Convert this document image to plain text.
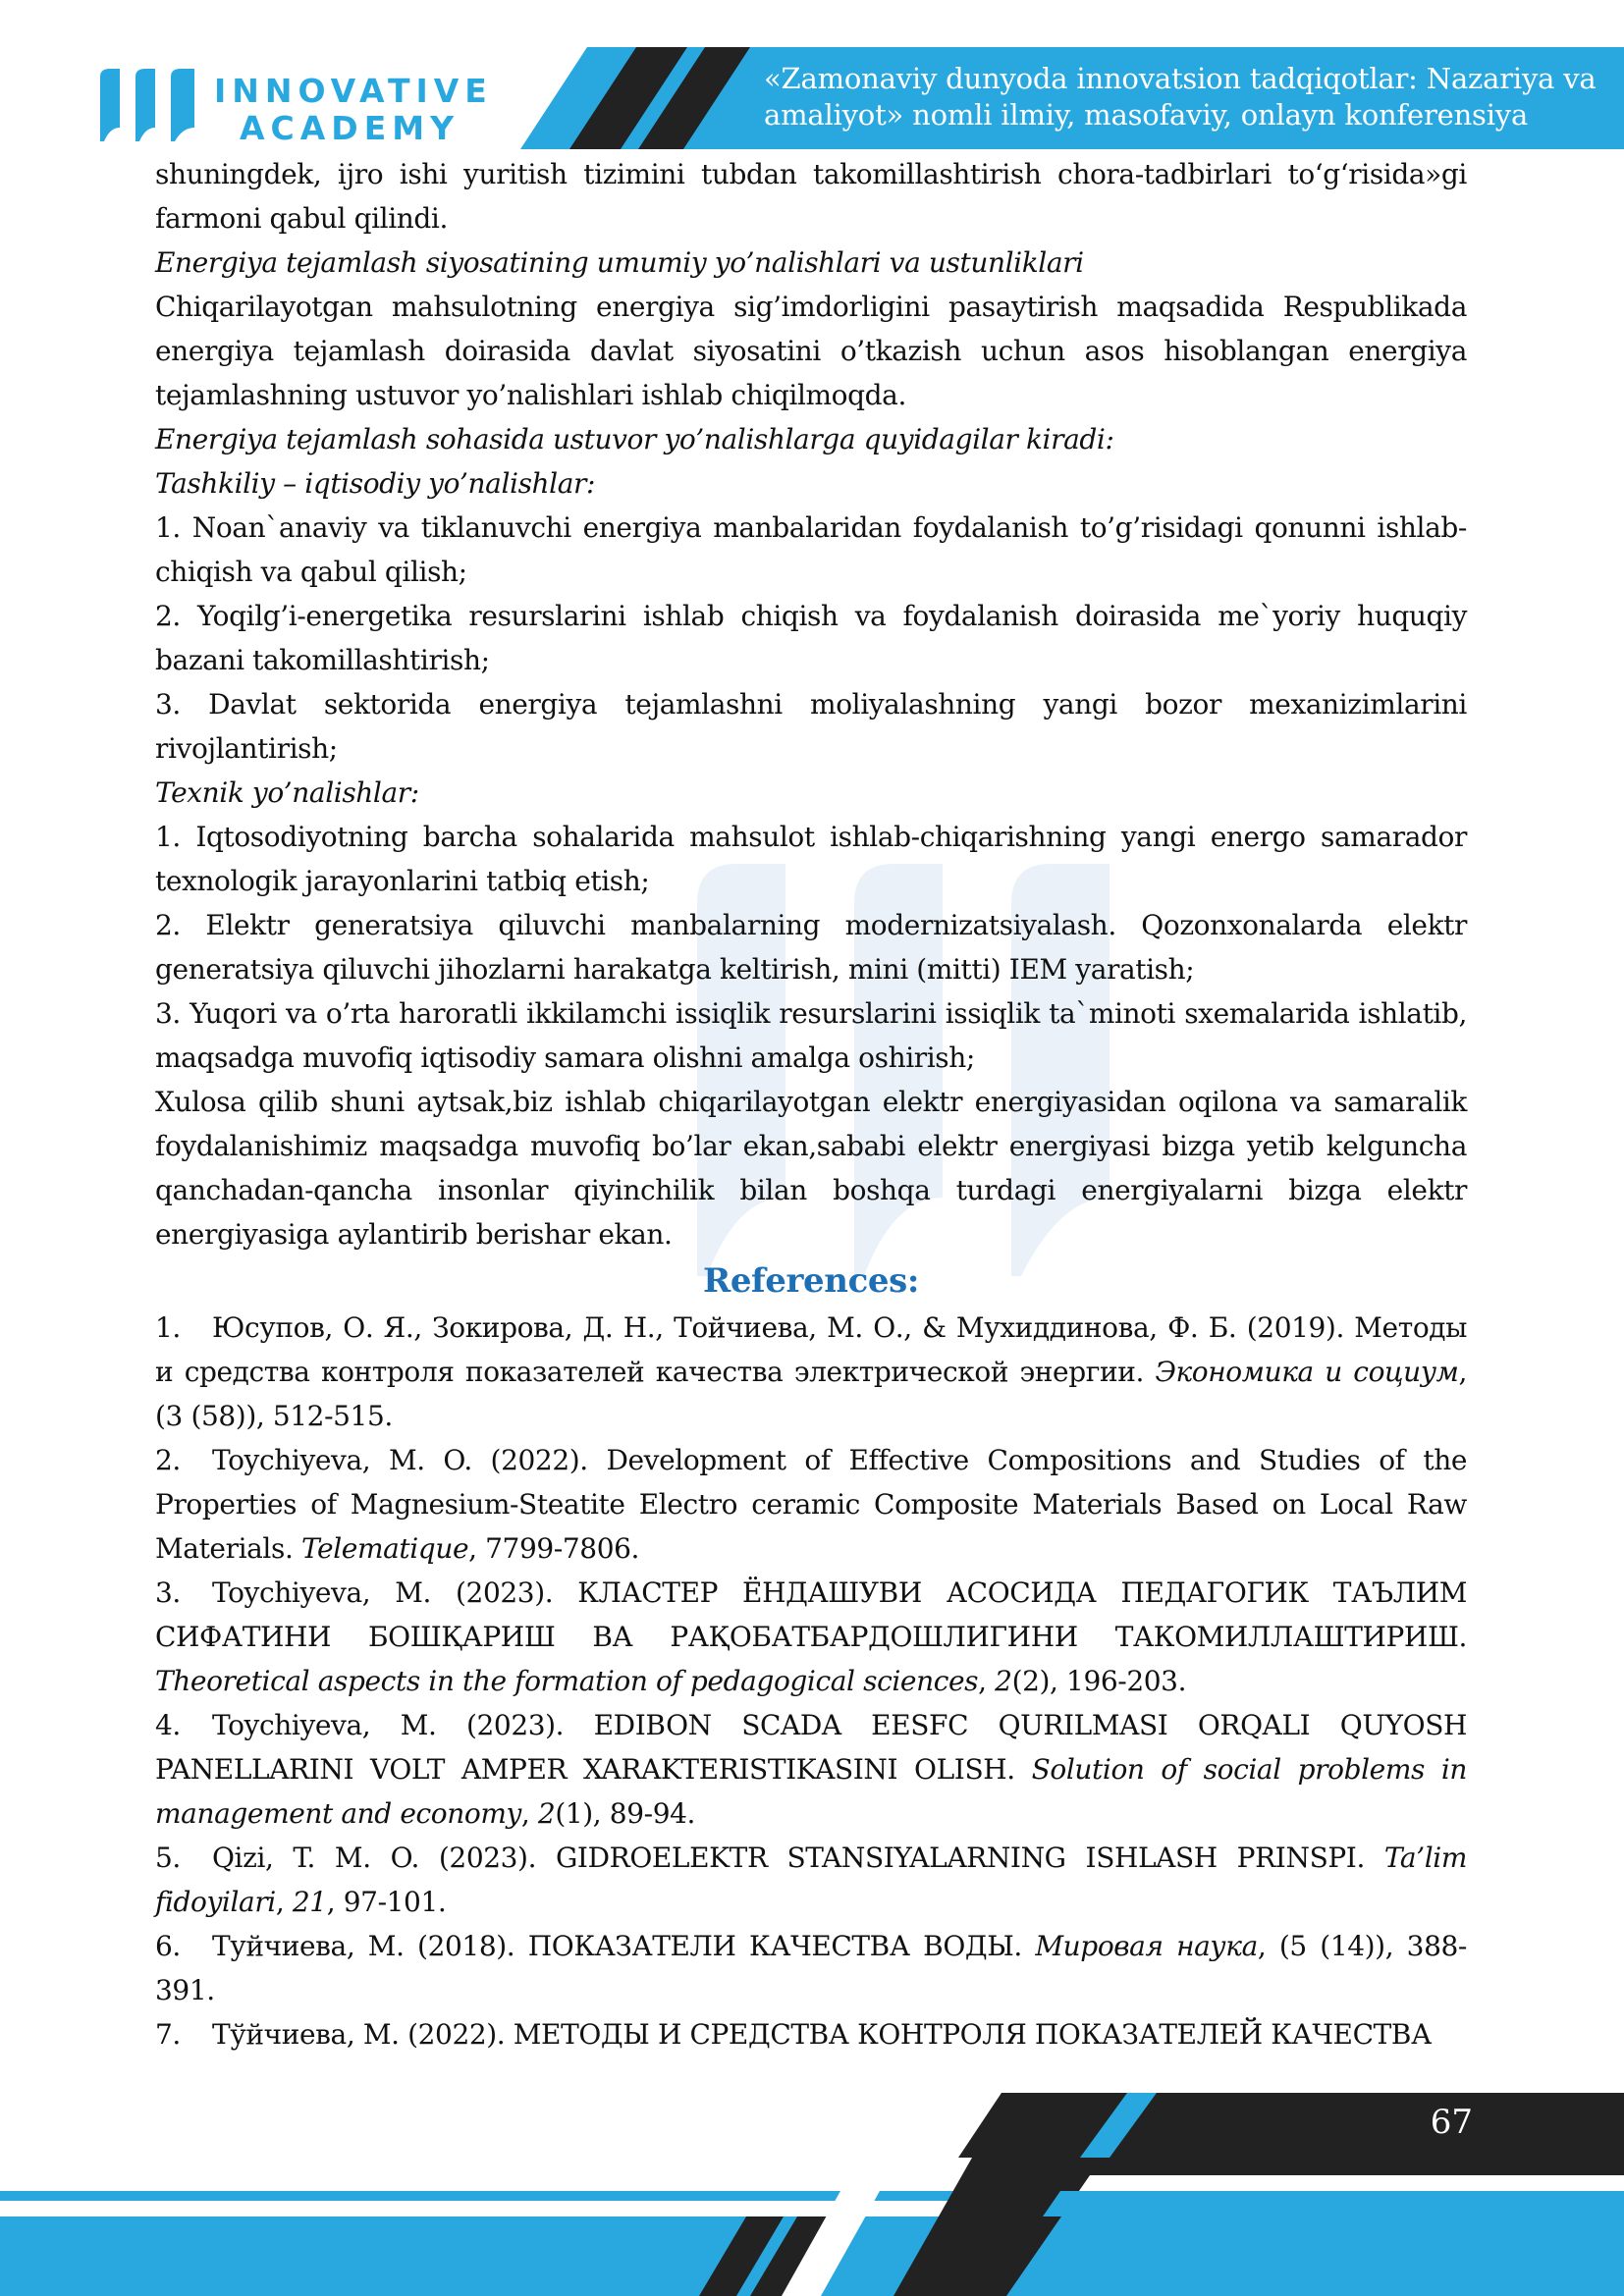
INNOVATIVE
ACADEMY
«Zamonaviy dunyoda innovatsion tadqiqotlar: Nazariya va
amaliyot» nomli ilmiy, masofaviy, onlayn konferensiya

shuningdek, ijro ishi yuritish tizimini tubdan takomillashtirish chora-tadbirlari to‘g‘risida»gi farmoni qabul qilindi.

Energiya tejamlash siyosatining umumiy yo’nalishlari va ustunliklari

Chiqarilayotgan mahsulotning energiya sig’imdorligini pasaytirish maqsadida Respublikada energiya tejamlash doirasida davlat siyosatini o’tkazish uchun asos hisoblangan energiya tejamlashning ustuvor yo’nalishlari ishlab chiqilmoqda.

Energiya tejamlash sohasida ustuvor yo’nalishlarga quyidagilar kiradi:

Tashkiliy – iqtisodiy yo’nalishlar:

1. Noan`anaviy va tiklanuvchi energiya manbalaridan foydalanish to’g’risidagi qonunni ishlab-chiqish va qabul qilish;

2. Yoqilg’i-energetika resurslarini ishlab chiqish va foydalanish doirasida me`yoriy huquqiy bazani takomillashtirish;

3. Davlat sektorida energiya tejamlashni moliyalashning yangi bozor mexanizimlarini rivojlantirish;

Texnik yo’nalishlar:

1. Iqtosodiyotning barcha sohalarida mahsulot ishlab-chiqarishning yangi energo samarador texnologik jarayonlarini tatbiq etish;

2. Elektr generatsiya qiluvchi manbalarning modernizatsiyalash. Qozonxonalarda elektr generatsiya qiluvchi jihozlarni harakatga keltirish, mini (mitti) IEM yaratish;

3. Yuqori va o’rta haroratli ikkilamchi issiqlik resurslarini issiqlik ta`minoti sxemalarida ishlatib, maqsadga muvofiq iqtisodiy samara olishni amalga oshirish;

Xulosa qilib shuni aytsak,biz ishlab chiqarilayotgan elektr energiyasidan oqilona va samaralik foydalanishimiz maqsadga muvofiq bo’lar ekan,sababi elektr energiyasi bizga yetib kelguncha qanchadan-qancha insonlar qiyinchilik bilan boshqa turdagi energiyalarni bizga elektr energiyasiga aylantirib berishar ekan.

References:

1. Юсупов, О. Я., Зокирова, Д. Н., Тойчиева, М. О., & Мухиддинова, Ф. Б. (2019). Методы и средства контроля показателей качества электрической энергии. Экономика и социум, (3 (58)), 512-515.

2. Toychiyeva, M. O. (2022). Development of Effective Compositions and Studies of the Properties of Magnesium-Steatite Electro ceramic Composite Materials Based on Local Raw Materials. Telematique, 7799-7806.

3. Toychiyeva, M. (2023). КЛАСТЕР ЁНДАШУВИ АСОСИДА ПЕДАГОГИК ТАЪЛИМ СИФАТИНИ БОШҚАРИШ ВА РАҚОБАТБАРДОШЛИГИНИ ТАКОМИЛЛАШТИРИШ. Theoretical aspects in the formation of pedagogical sciences, 2(2), 196-203.

4. Toychiyeva, M. (2023). EDIBON SCADA EESFC QURILMASI ORQALI QUYOSH PANELLARINI VOLT AMPER XARAKTERISTIKASINI OLISH. Solution of social problems in management and economy, 2(1), 89-94.

5. Qizi, T. M. O. (2023). GIDROELEKTR STANSIYALARNING ISHLASH PRINSPI. Ta’lim fidoyilari, 21, 97-101.

6. Туйчиева, М. (2018). ПОКАЗАТЕЛИ КАЧЕСТВА ВОДЫ. Мировая наука, (5 (14)), 388-391.

7. Тўйчиева, М. (2022). МЕТОДЫ И СРЕДСТВА КОНТРОЛЯ ПОКАЗАТЕЛЕЙ КАЧЕСТВА

67
